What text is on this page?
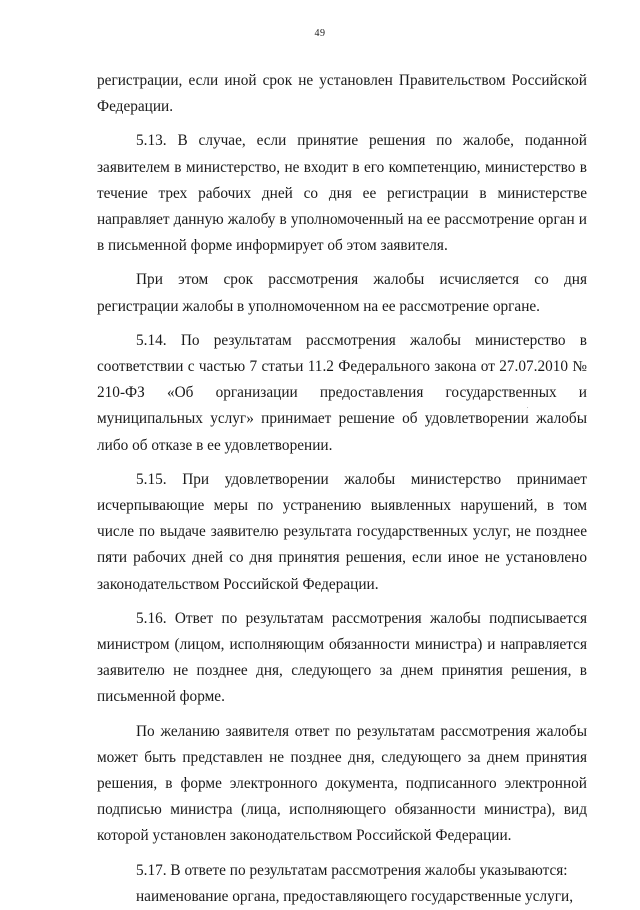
49

регистрации, если иной срок не установлен Правительством Российской Федерации.

5.13. В случае, если принятие решения по жалобе, поданной заявителем в министерство, не входит в его компетенцию, министерство в течение трех рабочих дней со дня ее регистрации в министерстве направляет данную жалобу в уполномоченный на ее рассмотрение орган и в письменной форме информирует об этом заявителя.

При этом срок рассмотрения жалобы исчисляется со дня регистрации жалобы в уполномоченном на ее рассмотрение органе.

5.14. По результатам рассмотрения жалобы министерство в соответствии с частью 7 статьи 11.2 Федерального закона от 27.07.2010 № 210-ФЗ «Об организации предоставления государственных и муниципальных услуг» принимает решение об удовлетворении жалобы либо об отказе в ее удовлетворении.

5.15. При удовлетворении жалобы министерство принимает исчерпывающие меры по устранению выявленных нарушений, в том числе по выдаче заявителю результата государственных услуг, не позднее пяти рабочих дней со дня принятия решения, если иное не установлено законодательством Российской Федерации.

5.16. Ответ по результатам рассмотрения жалобы подписывается министром (лицом, исполняющим обязанности министра) и направляется заявителю не позднее дня, следующего за днем принятия решения, в письменной форме.

По желанию заявителя ответ по результатам рассмотрения жалобы может быть представлен не позднее дня, следующего за днем принятия решения, в форме электронного документа, подписанного электронной подписью министра (лица, исполняющего обязанности министра), вид которой установлен законодательством Российской Федерации.

5.17. В ответе по результатам рассмотрения жалобы указываются:

наименование органа, предоставляющего государственные услуги,
